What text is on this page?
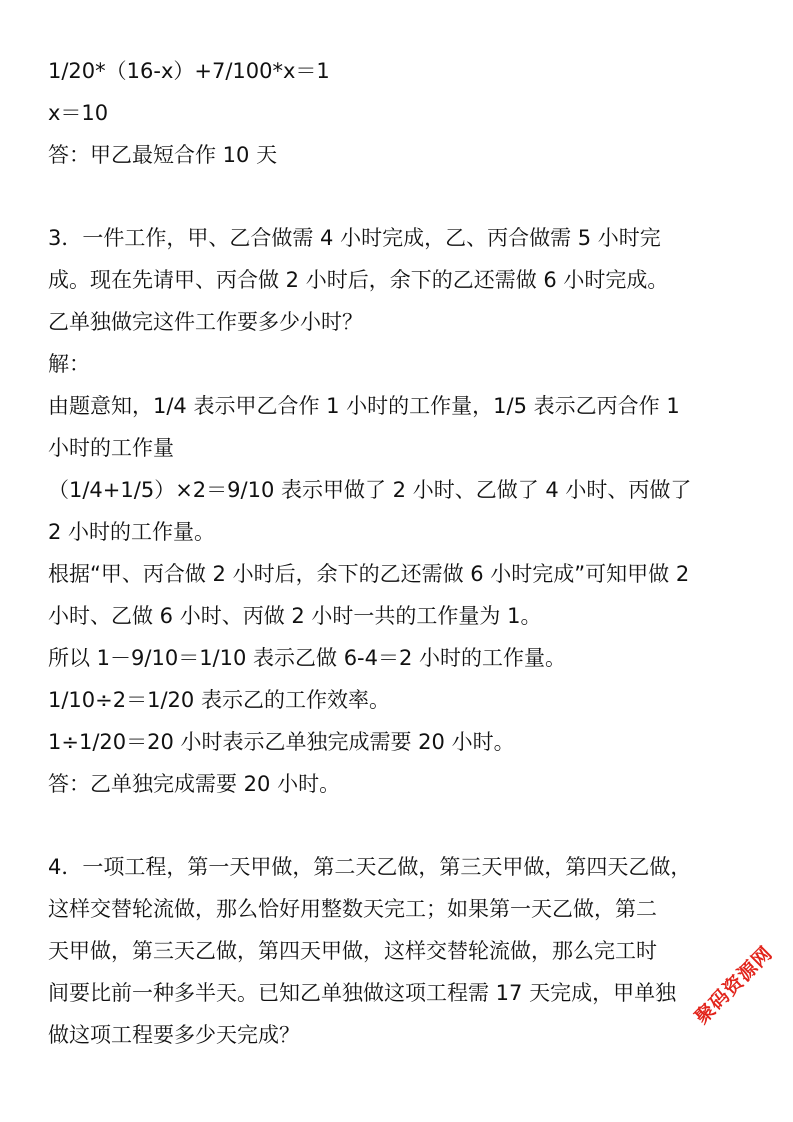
1/20*（16-x）+7/100*x＝1
x＝10
答：甲乙最短合作 10 天
3．一件工作，甲、乙合做需 4 小时完成，乙、丙合做需 5 小时完
成。现在先请甲、丙合做 2 小时后，余下的乙还需做 6 小时完成。
乙单独做完这件工作要多少小时？
解：
由题意知，1/4 表示甲乙合作 1 小时的工作量，1/5 表示乙丙合作 1
小时的工作量
（1/4+1/5）×2＝9/10 表示甲做了 2 小时、乙做了 4 小时、丙做了
2 小时的工作量。
根据“甲、丙合做 2 小时后，余下的乙还需做 6 小时完成”可知甲做 2
小时、乙做 6 小时、丙做 2 小时一共的工作量为 1。
所以 1－9/10＝1/10 表示乙做 6-4＝2 小时的工作量。
1/10÷2＝1/20 表示乙的工作效率。
1÷1/20＝20 小时表示乙单独完成需要 20 小时。
答：乙单独完成需要 20 小时。
4．一项工程，第一天甲做，第二天乙做，第三天甲做，第四天乙做，
这样交替轮流做，那么恰好用整数天完工；如果第一天乙做，第二
天甲做，第三天乙做，第四天甲做，这样交替轮流做，那么完工时
间要比前一种多半天。已知乙单独做这项工程需 17 天完成，甲单独
做这项工程要多少天完成？
聚码资源网
